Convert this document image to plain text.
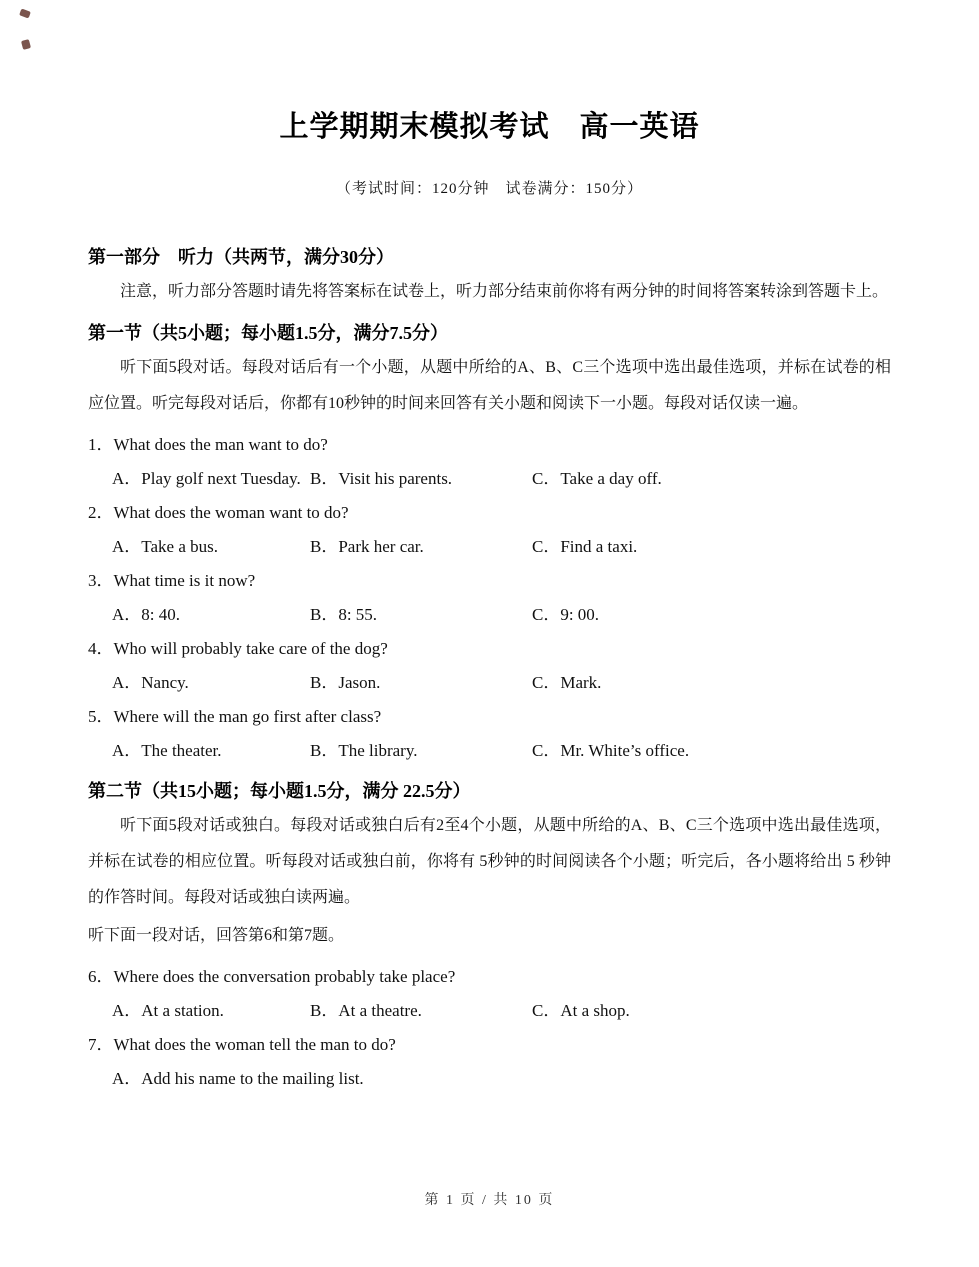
上学期期末模拟考试　高一英语
（考试时间：120分钟　试卷满分：150分）
第一部分　听力（共两节，满分30分）

注意，听力部分答题时请先将答案标在试卷上，听力部分结束前你将有两分钟的时间将答案转涂到答题卡上。

第一节（共5小题；每小题1.5分，满分7.5分）

听下面5段对话。每段对话后有一个小题，从题中所给的A、B、C三个选项中选出最佳选项，并标在试卷的相应位置。听完每段对话后，你都有10秒钟的时间来回答有关小题和阅读下一小题。每段对话仅读一遍。

1．What does the man want to do?
A．Play golf next Tuesday. B．Visit his parents.	C．Take a day off.
2．What does the woman want to do?
A．Take a bus.	B．Park her car.	C．Find a taxi.
3．What time is it now?
A．8: 40.	B．8: 55.	C．9: 00.
4．Who will probably take care of the dog?
A．Nancy.	B．Jason.	C．Mark.
5．Where will the man go first after class?
A．The theater.	B．The library.	C．Mr. White’s office.
第二节（共15小题；每小题1.5分，满分 22.5分）

听下面5段对话或独白。每段对话或独白后有2至4个小题，从题中所给的A、B、C三个选项中选出最佳选项，并标在试卷的相应位置。听每段对话或独白前，你将有 5秒钟的时间阅读各个小题；听完后，各小题将给出 5 秒钟的作答时间。每段对话或独白读两遍。

听下面一段对话，回答第6和第7题。

6．Where does the conversation probably take place?
A．At a station.	B．At a theatre.	C．At a shop.
7．What does the woman tell the man to do?
A．Add his name to the mailing list.
第 1 页 / 共 10 页
